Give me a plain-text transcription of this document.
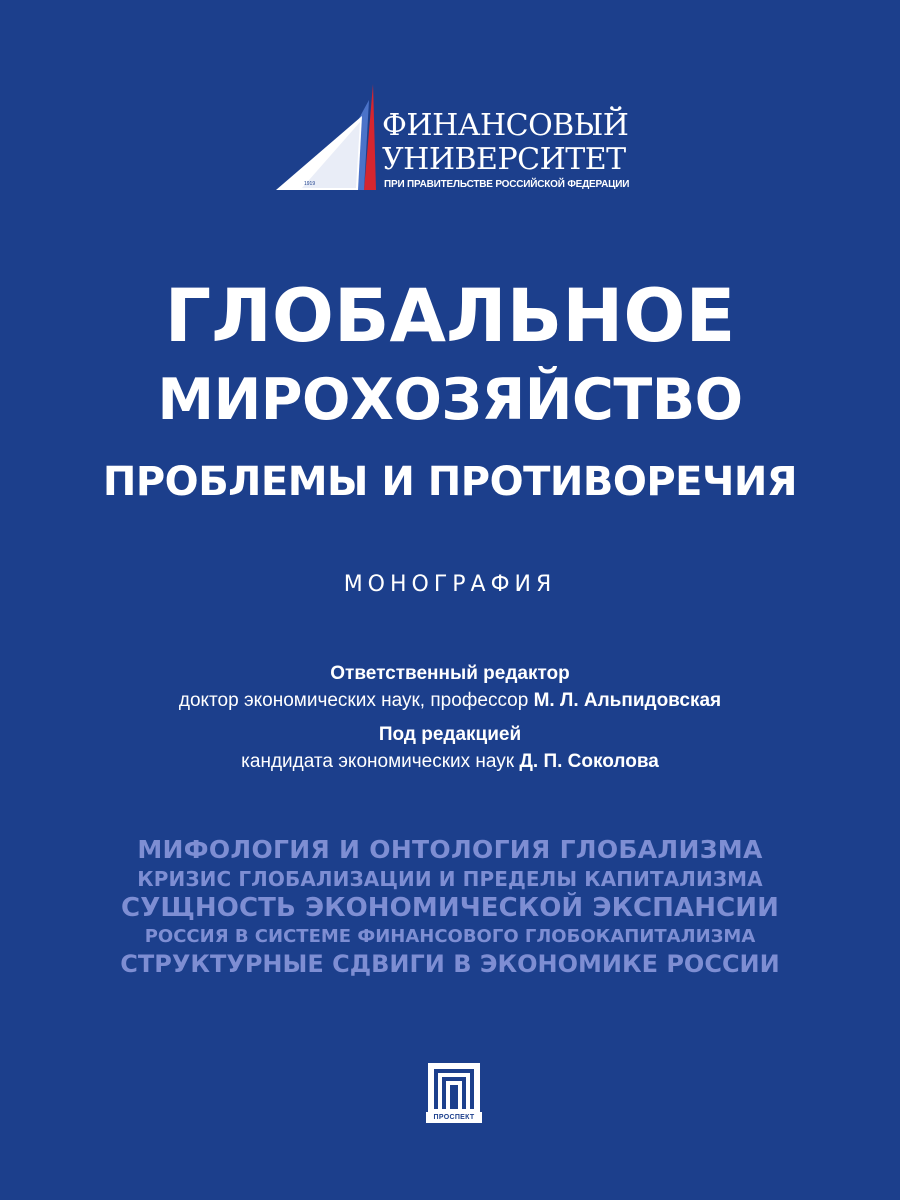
1919
ФИНАНСОВЫЙ
УНИВЕРСИТЕТ
ПРИ ПРАВИТЕЛЬСТВЕ РОССИЙСКОЙ ФЕДЕРАЦИИ
ГЛОБАЛЬНОЕ
МИРОХОЗЯЙСТВО
ПРОБЛЕМЫ И ПРОТИВОРЕЧИЯ
МОНОГРАФИЯ
Ответственный редактор
доктор экономических наук, профессор М. Л. Альпидовская
Под редакцией
кандидата экономических наук Д. П. Соколова
МИФОЛОГИЯ И ОНТОЛОГИЯ ГЛОБАЛИЗМА
КРИЗИС ГЛОБАЛИЗАЦИИ И ПРЕДЕЛЫ КАПИТАЛИЗМА
СУЩНОСТЬ ЭКОНОМИЧЕСКОЙ ЭКСПАНСИИ
РОССИЯ В СИСТЕМЕ ФИНАНСОВОГО ГЛОБОКАПИТАЛИЗМА
СТРУКТУРНЫЕ СДВИГИ В ЭКОНОМИКЕ РОССИИ
ПРОСПЕКТ
